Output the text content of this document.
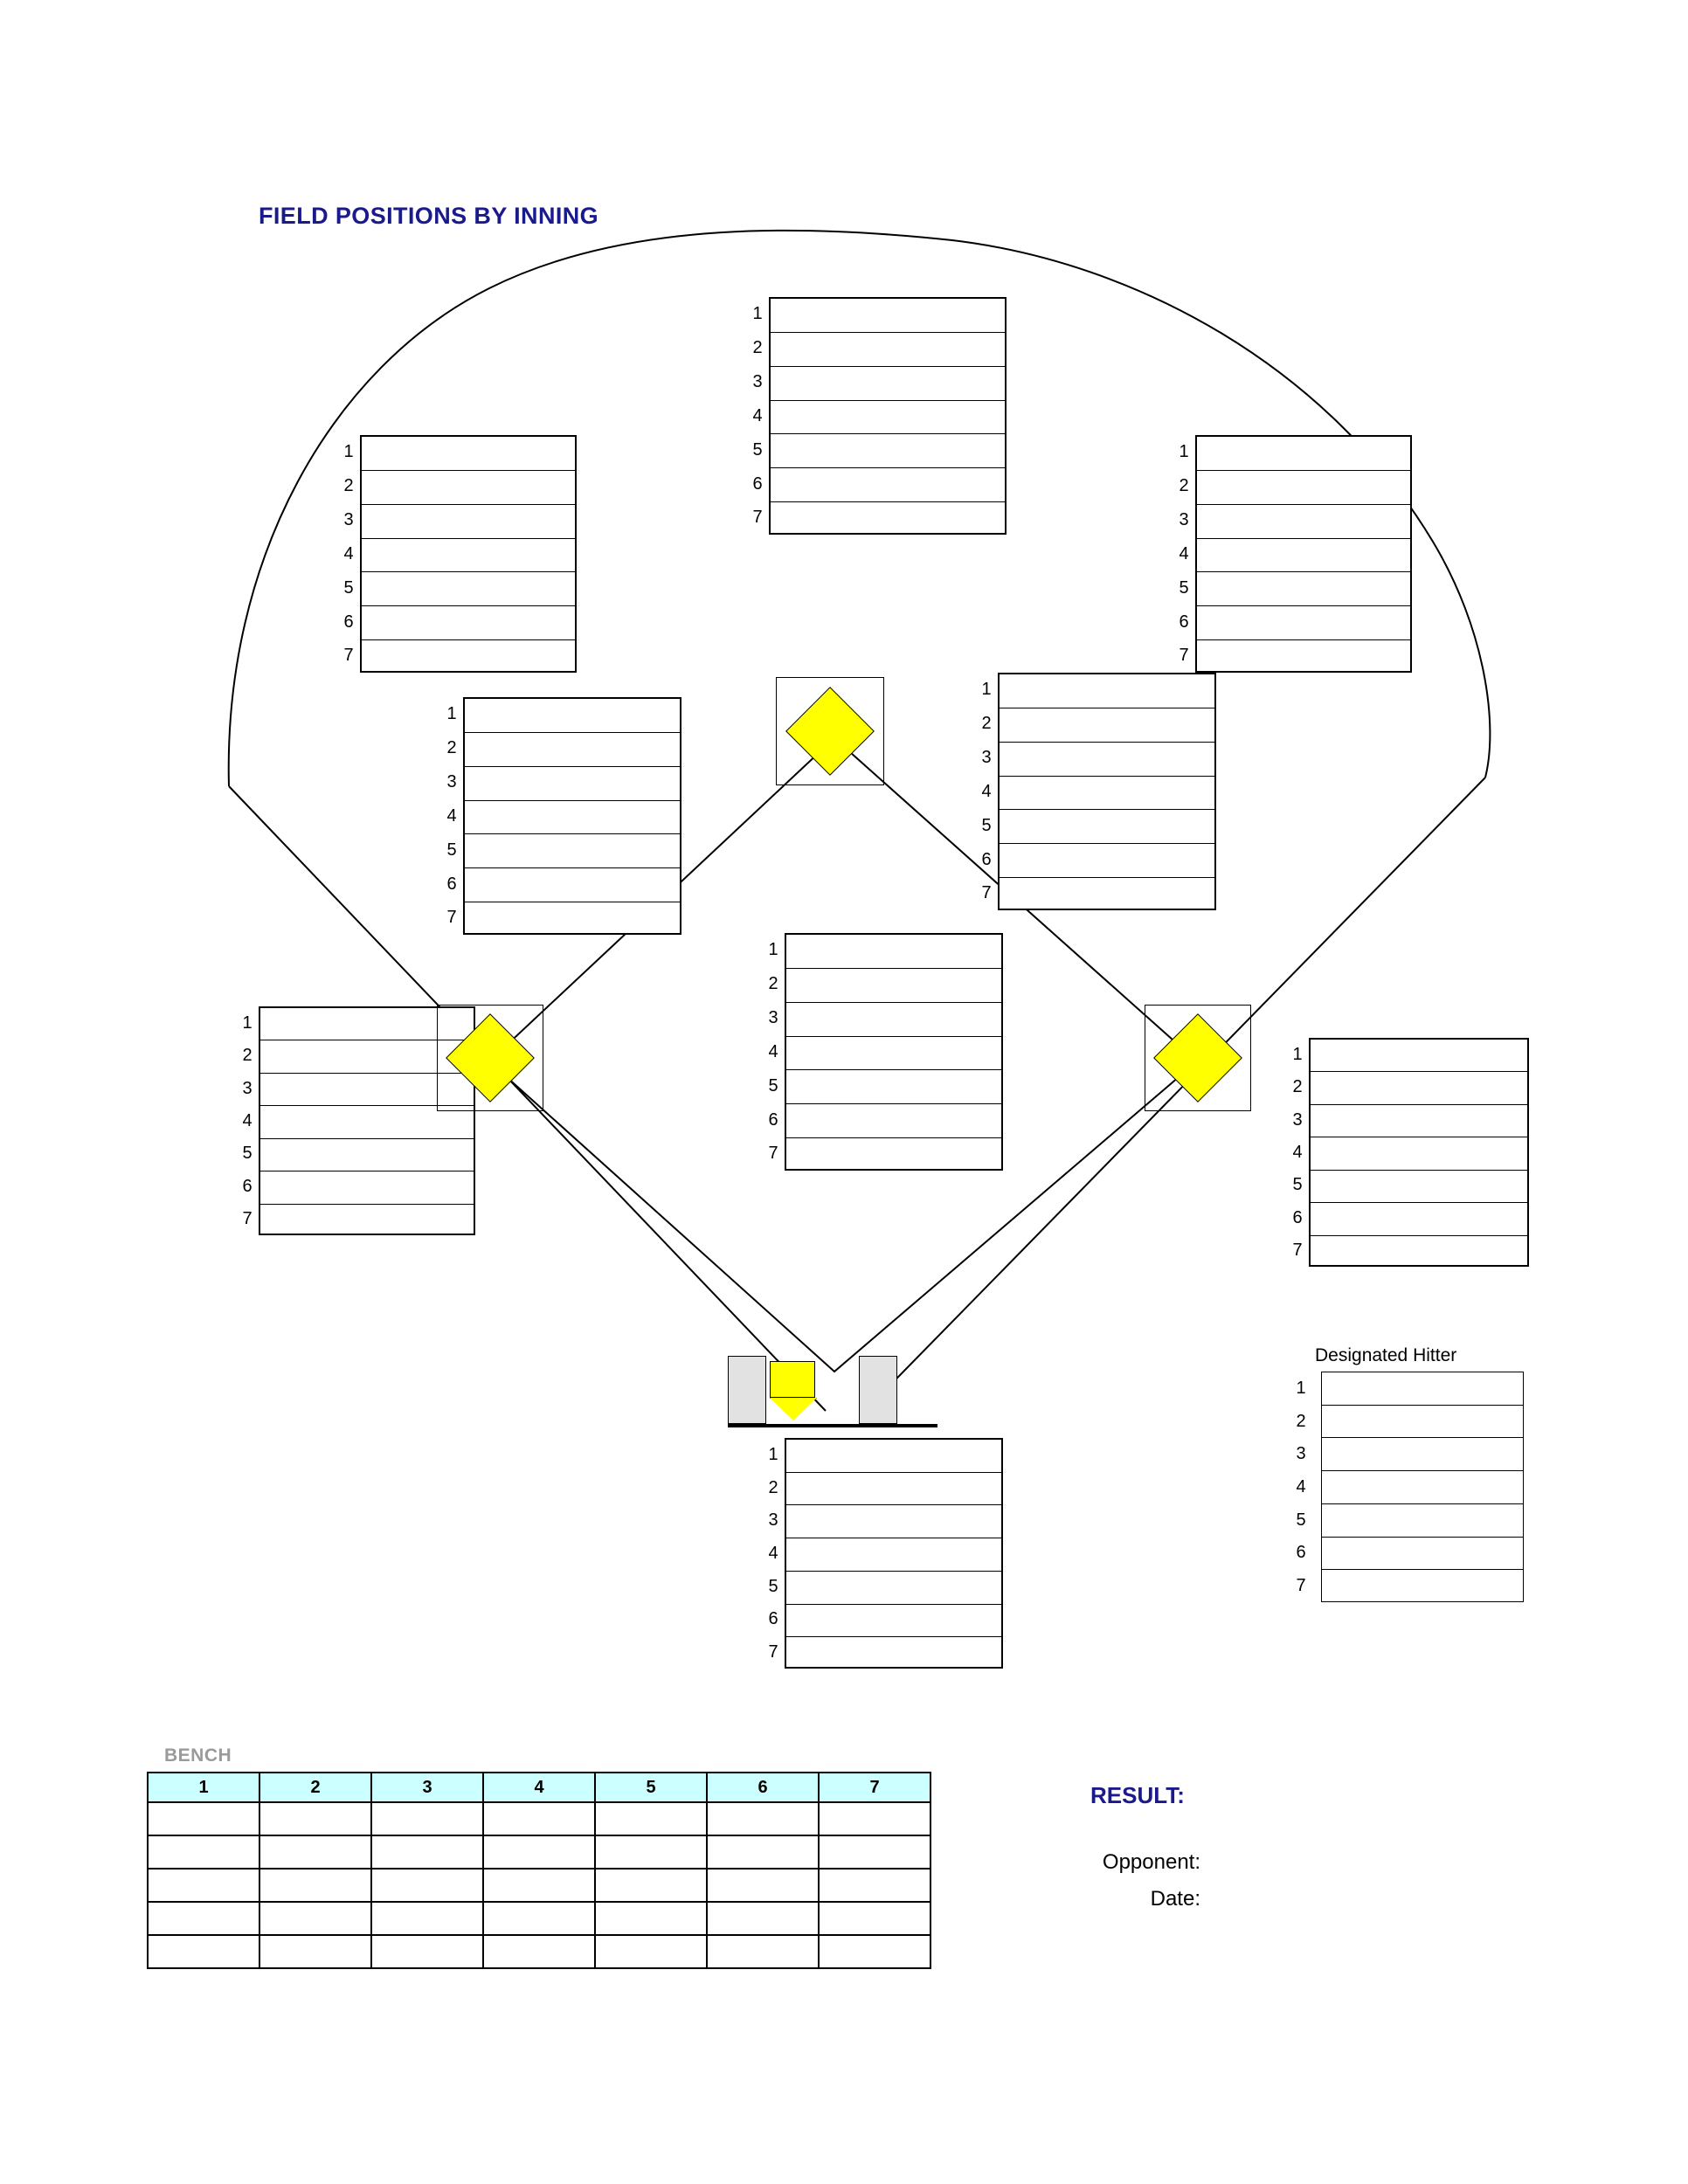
FIELD POSITIONS BY INNING
1
2
3
4
5
6
7
1
2
3
4
5
6
7
1
2
3
4
5
6
7
1
2
3
4
5
6
7
1
2
3
4
5
6
7
1
2
3
4
5
6
7
1
2
3
4
5
6
7
1
2
3
4
5
6
7
1
2
3
4
5
6
7
Designated Hitter
1
2
3
4
5
6
7
BENCH
1	2	3	4	5	6	7

							RESULT:
Opponent:
Date:
